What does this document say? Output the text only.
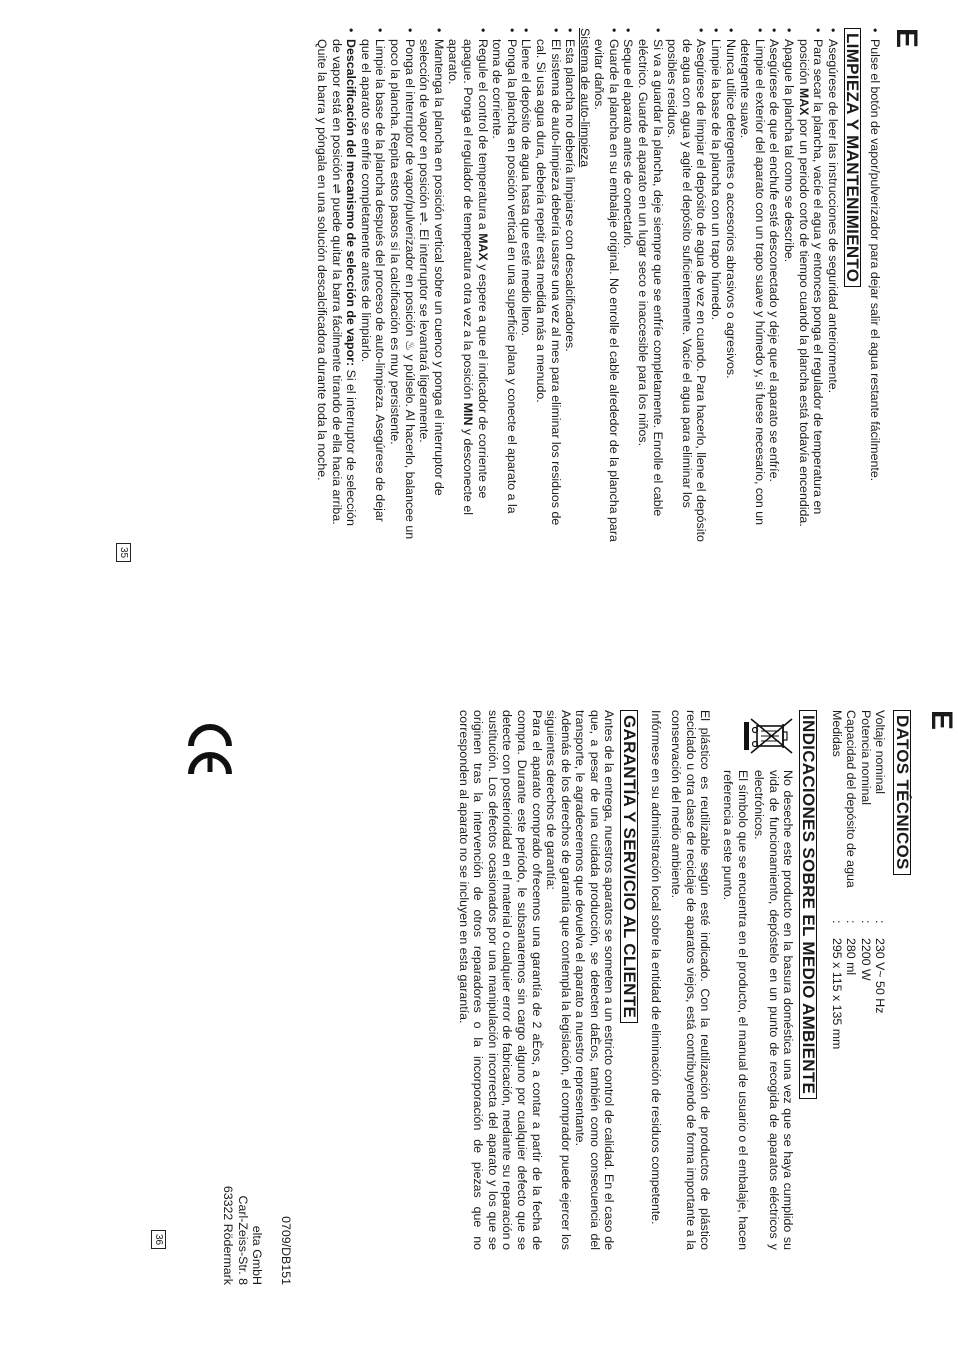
E
• Pulse el botón de vapor/pulverizador para dejar salir el agua restante fácilmente.
LIMPIEZA Y MANTENIMIENTO
• Asegúrese de leer las instrucciones de seguridad anteriormente.
• Para secar la plancha, vacíe el agua y entonces ponga el regulador de temperatura en posición MAX por un periodo corto de tiempo cuando la plancha está todavía encendida.
• Apague la plancha tal como se describe.
• Asegúrese de que el enchufe esté desconectado y deje que el aparato se enfríe.
• Limpie el exterior del aparato con un trapo suave y húmedo y, si fuese necesario, con un detergente suave.
• Nunca utilice detergentes o accesorios abrasivos o agresivos.
• Limpie la base de la plancha con un trapo húmedo.
• Asegúrese de limpiar el depósito de agua de vez en cuando. Para hacerlo, llene el depósito de agua con agua y agite el depósito suficientemente. Vacíe el agua para eliminar los posibles residuos.
• Si va a guardar la plancha, deje siempre que se enfríe completamente. Enrolle el cable eléctrico. Guarde el aparato en un lugar seco e inaccesible para los niños.
• Seque el aparato antes de conectarlo.
• Guarde la plancha en su embalaje original. No enrolle el cable alrededor de la plancha para evitar daños.

Sistema de auto-limpieza

• Esta plancha no debería limpiarse con descalcificadores.
• El sistema de auto-limpieza debería usarse una vez al mes para eliminar los residuos de cal. Si usa agua dura, debería repetir esta medida más a menudo.
• Llene el depósito de agua hasta que esté medio lleno.
• Ponga la plancha en posición vertical en una superficie plana y conecte el aparato a la toma de corriente.
• Regule el control de temperatura a MAX y espere a que el indicador de corriente se apague. Ponga el regulador de temperatura otra vez a la posición MIN y desconecte el aparato.
• Mantenga la plancha en posición vertical sobre un cuenco y ponga el interruptor de selección de vapor en posición ⇌. El interruptor se levantará ligeramente.
• Ponga el interruptor de vapor/pulverizador en posición ♨ y púlselo. Al hacerlo, balancee un poco la plancha. Repita estos pasos si la calcificación es muy persistente.
• Limpie la base de la plancha después del proceso de auto-limpieza. Asegúrese de dejar que el aparato se enfríe completamente antes de limpiarlo.
• Descalcificación del mecanismo de selección de vapor: Si el interruptor de selección de vapor está en posición ⇌ puede quitar la barra fácilmente tirando de ella hacia arriba. Quite la barra y póngala en una solución descalcificadora durante toda la noche.
35
E
DATOS TÉCNICOS
Voltaje nominal
:
230 V~ 50 Hz
Potencia nominal
:
2200 W
Capacidad del depósito de agua
:
280 ml
Medidas
:
295 x 115 x 135 mm
INDICACIONES SOBRE EL MEDIO AMBIENTE

No deseche este producto en la basura doméstica una vez que se haya cumplido su vida de funcionamiento, depóstelo en un punto de recogida de aparatos eléctricos y electrónicos.

El símbolo que se encuentra en el producto, el manual de usuario o el embalaje, hacen referencia a este punto.

El plástico es reutilizable según esté indicado. Con la reutilización de productos de plástico reciclado u otra clase de reciclaje de aparatos viejos, está contribuyendo de forma importante a la conservación del medio ambiente.

Infórmese en su administración local sobre la entidad de eliminación de residuos competente.

GARANTÍA Y SERVICIO AL CLIENTE

Antes de la entrega, nuestros aparatos se someten a un estricto control de calidad. En el caso de que, a pesar de una cuidada producción, se detecten daÈos, también como consecuencia del transporte, le agradeceremos que devuelva el aparato a nuestro representante.

Además de los derechos de garantía que contempla la legislación, el comprador puede ejercer los siguientes derechos de garantía:

Para el aparato comprado ofrecemos una garantía de 2 aÈos, a contar a partir de la fecha de compra. Durante este período, le subsanaremos sin cargo alguno por cualquier defecto que se detecte con posterioridad en el material o cualquier error de fabricación, mediante su reparación o sustitución. Los defectos ocasionados por una manipulación incorrecta del aparato y los que se originen tras la intervención de otros reparadores o la incorporación de piezas que no corresponden al aparato no se incluyen en esta garantía.

36	0709/DB151
elta GmbH
Carl-Zeiss-Str. 8
63322 Rödermark
